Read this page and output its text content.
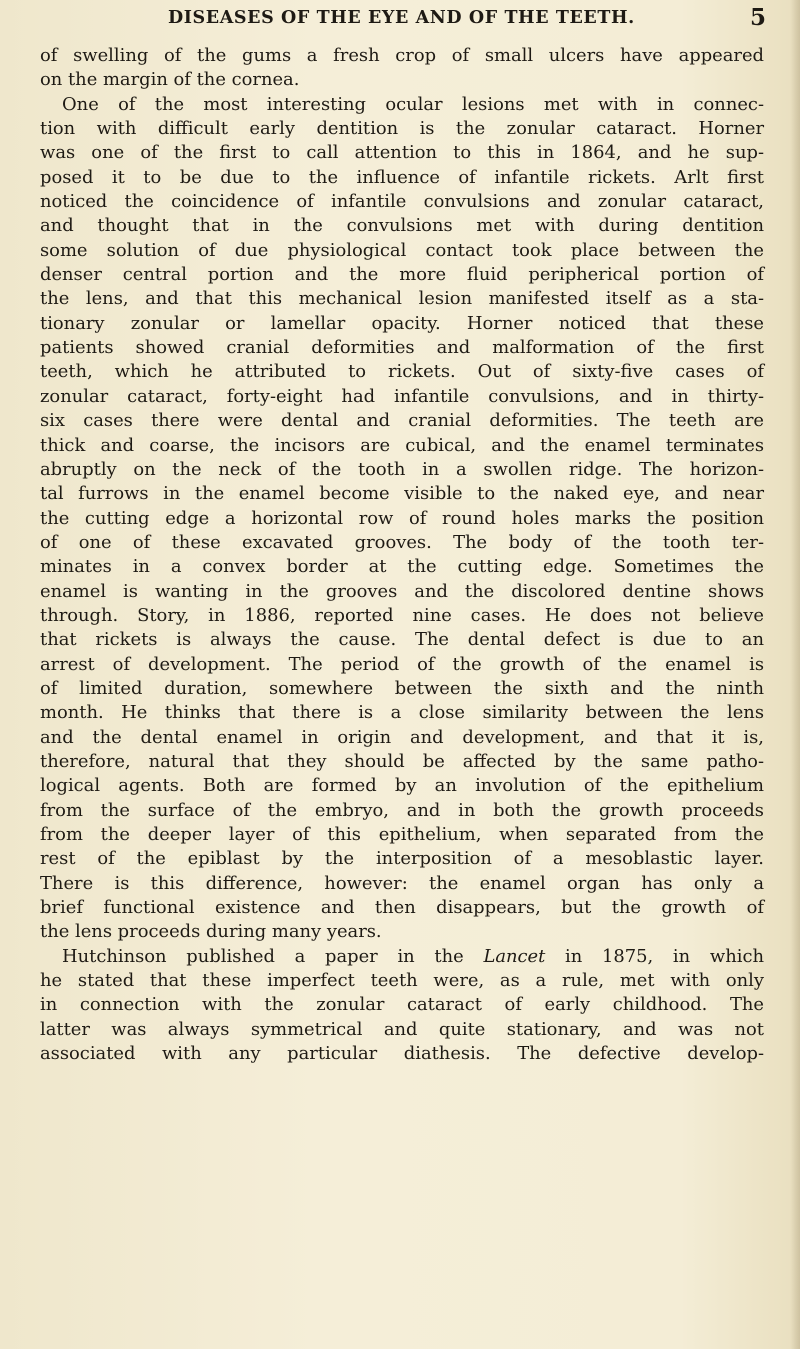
DISEASES OF THE EYE AND OF THE TEETH.	5
of swelling of the gums a fresh crop of small ulcers have appeared
on the margin of the cornea.
One of the most interesting ocular lesions met with in connec-
tion with difficult early dentition is the zonular cataract. Horner
was one of the first to call attention to this in 1864, and he sup-
posed it to be due to the influence of infantile rickets. Arlt first
noticed the coincidence of infantile convulsions and zonular cataract,
and thought that in the convulsions met with during dentition
some solution of due physiological contact took place between the
denser central portion and the more fluid peripherical portion of
the lens, and that this mechanical lesion manifested itself as a sta-
tionary zonular or lamellar opacity. Horner noticed that these
patients showed cranial deformities and malformation of the first
teeth, which he attributed to rickets. Out of sixty-five cases of
zonular cataract, forty-eight had infantile convulsions, and in thirty-
six cases there were dental and cranial deformities. The teeth are
thick and coarse, the incisors are cubical, and the enamel terminates
abruptly on the neck of the tooth in a swollen ridge. The horizon-
tal furrows in the enamel become visible to the naked eye, and near
the cutting edge a horizontal row of round holes marks the position
of one of these excavated grooves. The body of the tooth ter-
minates in a convex border at the cutting edge. Sometimes the
enamel is wanting in the grooves and the discolored dentine shows
through. Story, in 1886, reported nine cases. He does not believe
that rickets is always the cause. The dental defect is due to an
arrest of development. The period of the growth of the enamel is
of limited duration, somewhere between the sixth and the ninth
month. He thinks that there is a close similarity between the lens
and the dental enamel in origin and development, and that it is,
therefore, natural that they should be affected by the same patho-
logical agents. Both are formed by an involution of the epithelium
from the surface of the embryo, and in both the growth proceeds
from the deeper layer of this epithelium, when separated from the
rest of the epiblast by the interposition of a mesoblastic layer.
There is this difference, however: the enamel organ has only a
brief functional existence and then disappears, but the growth of
the lens proceeds during many years.
Hutchinson published a paper in the Lancet in 1875, in which
he stated that these imperfect teeth were, as a rule, met with only
in connection with the zonular cataract of early childhood. The
latter was always symmetrical and quite stationary, and was not
associated with any particular diathesis. The defective develop-
